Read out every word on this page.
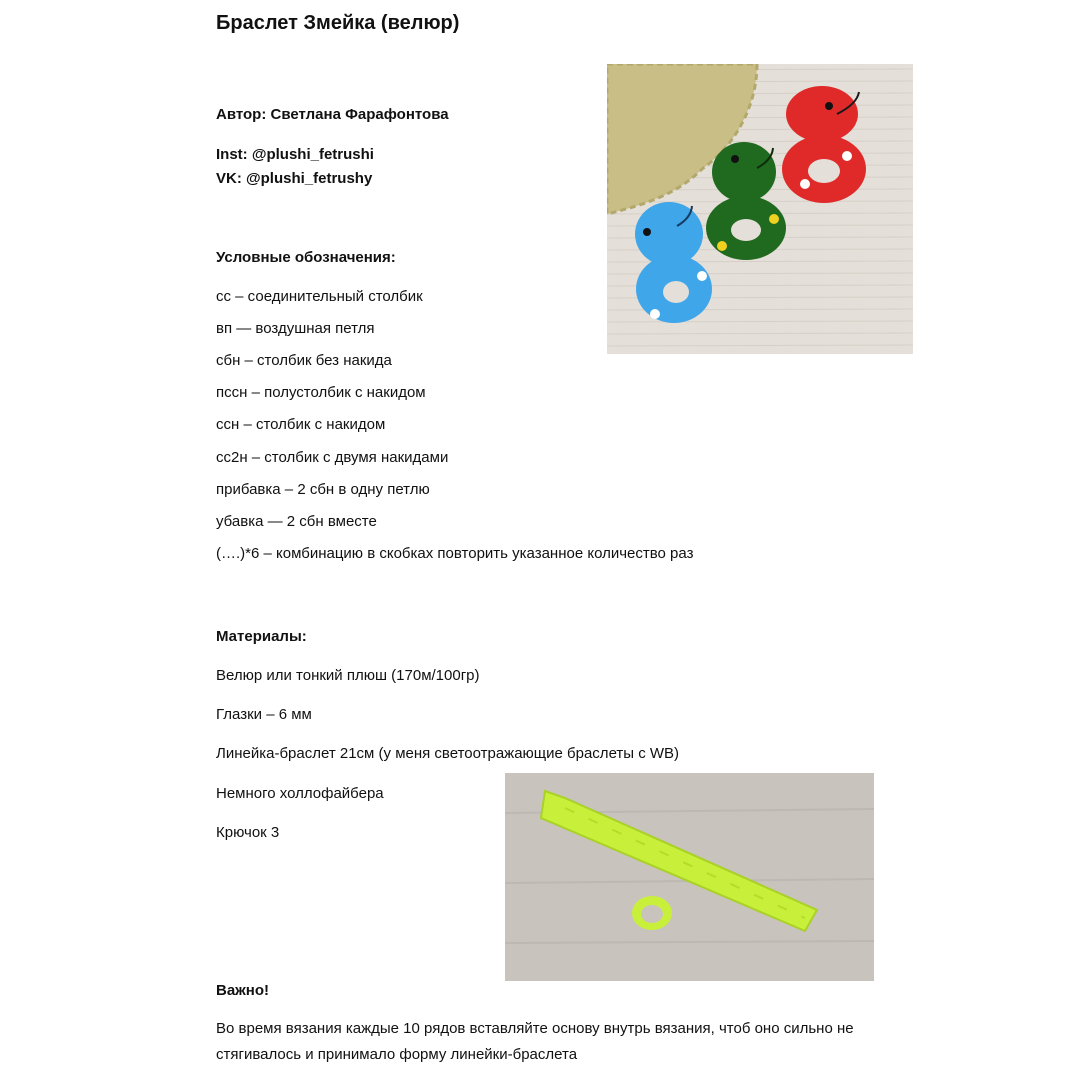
Браслет Змейка (велюр)
Автор: Светлана Фарафонтова
Inst: @plushi_fetrushi
VK: @plushi_fetrushy
Условные обозначения:
сс – соединительный столбик
вп — воздушная петля
сбн – столбик без накида
пссн – полустолбик с накидом
ссн – столбик с накидом
сс2н – столбик с двумя накидами
прибавка – 2 сбн в одну петлю
убавка — 2 сбн вместе
(….)*6 – комбинацию в скобках повторить указанное количество раз
Материалы:
Велюр или тонкий плюш (170м/100гр)
Глазки – 6 мм
Линейка-браслет 21см (у меня светоотражающие браслеты с WB)
Немного холлофайбера
Крючок 3
Важно!
Во время вязания каждые 10 рядов вставляйте основу внутрь вязания, чтоб оно сильно не
стягивалось и принимало форму линейки-браслета
